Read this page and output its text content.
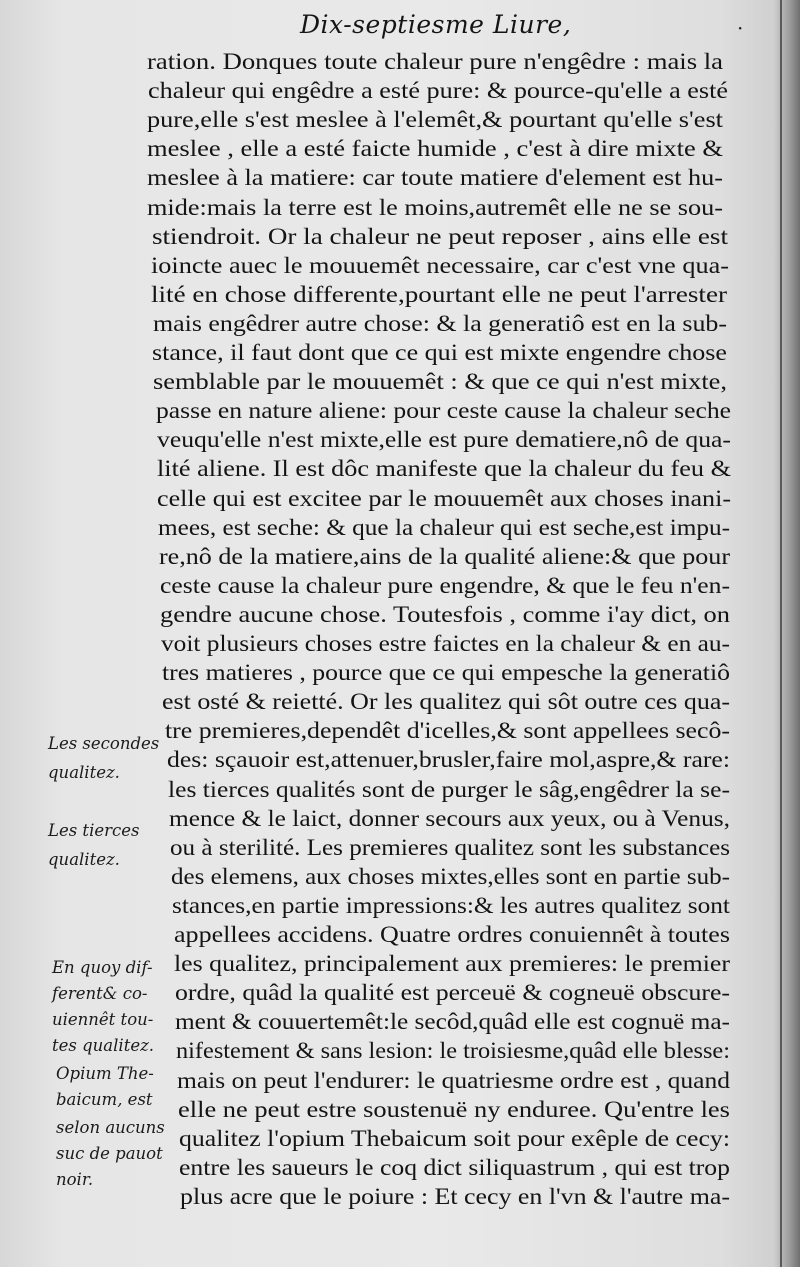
Dix-septiesme Liure,	·
ration. Donques toute chaleur pure n'engêdre : mais la
chaleur qui engêdre a esté pure: & pource-qu'elle a esté
pure,elle s'est meslee à l'elemêt,& pourtant qu'elle s'est
meslee , elle a esté faicte humide , c'est à dire mixte &
meslee à la matiere: car toute matiere d'element est hu-
mide:mais la terre est le moins,autremêt elle ne se sou-
stiendroit. Or la chaleur ne peut reposer , ains elle est
ioincte auec le mouuemêt necessaire, car c'est vne qua-
lité en chose differente,pourtant elle ne peut l'arrester
mais engêdrer autre chose: & la generatiô est en la sub-
stance, il faut dont que ce qui est mixte engendre chose
semblable par le mouuemêt : & que ce qui n'est mixte,
passe en nature aliene: pour ceste cause la chaleur seche
veuqu'elle n'est mixte,elle est pure dematiere,nô de qua-
lité aliene. Il est dôc manifeste que la chaleur du feu &
celle qui est excitee par le mouuemêt aux choses inani-
mees, est seche: & que la chaleur qui est seche,est impu-
re,nô de la matiere,ains de la qualité aliene:& que pour
ceste cause la chaleur pure engendre, & que le feu n'en-
gendre aucune chose. Toutesfois , comme i'ay dict, on
voit plusieurs choses estre faictes en la chaleur & en au-
tres matieres , pource que ce qui empesche la generatiô
est osté & reietté. Or les qualitez qui sôt outre ces qua-
tre premieres,dependêt d'icelles,& sont appellees secô-
des: sçauoir est,attenuer,brusler,faire mol,aspre,& rare:
les tierces qualités sont de purger le sâg,engêdrer la se-
mence & le laict, donner secours aux yeux, ou à Venus,
ou à sterilité. Les premieres qualitez sont les substances
des elemens, aux choses mixtes,elles sont en partie sub-
stances,en partie impressions:& les autres qualitez sont
appellees accidens. Quatre ordres conuiennêt à toutes
les qualitez, principalement aux premieres: le premier
ordre, quâd la qualité est perceuë & cogneuë obscure-
ment & couuertemêt:le secôd,quâd elle est cognuë ma-
nifestement & sans lesion: le troisiesme,quâd elle blesse:
mais on peut l'endurer: le quatriesme ordre est , quand
elle ne peut estre soustenuë ny enduree. Qu'entre les
qualitez l'opium Thebaicum soit pour exêple de cecy:
entre les saueurs le coq dict siliquastrum , qui est trop
plus acre que le poiure : Et cecy en l'vn & l'autre ma-
Les secondes
qualitez.
Les tierces
qualitez.
En quoy dif-
ferent& co-
uiennêt tou-
tes qualitez.
Opium The-
baicum, est
selon aucuns
suc de pauot
noir.
